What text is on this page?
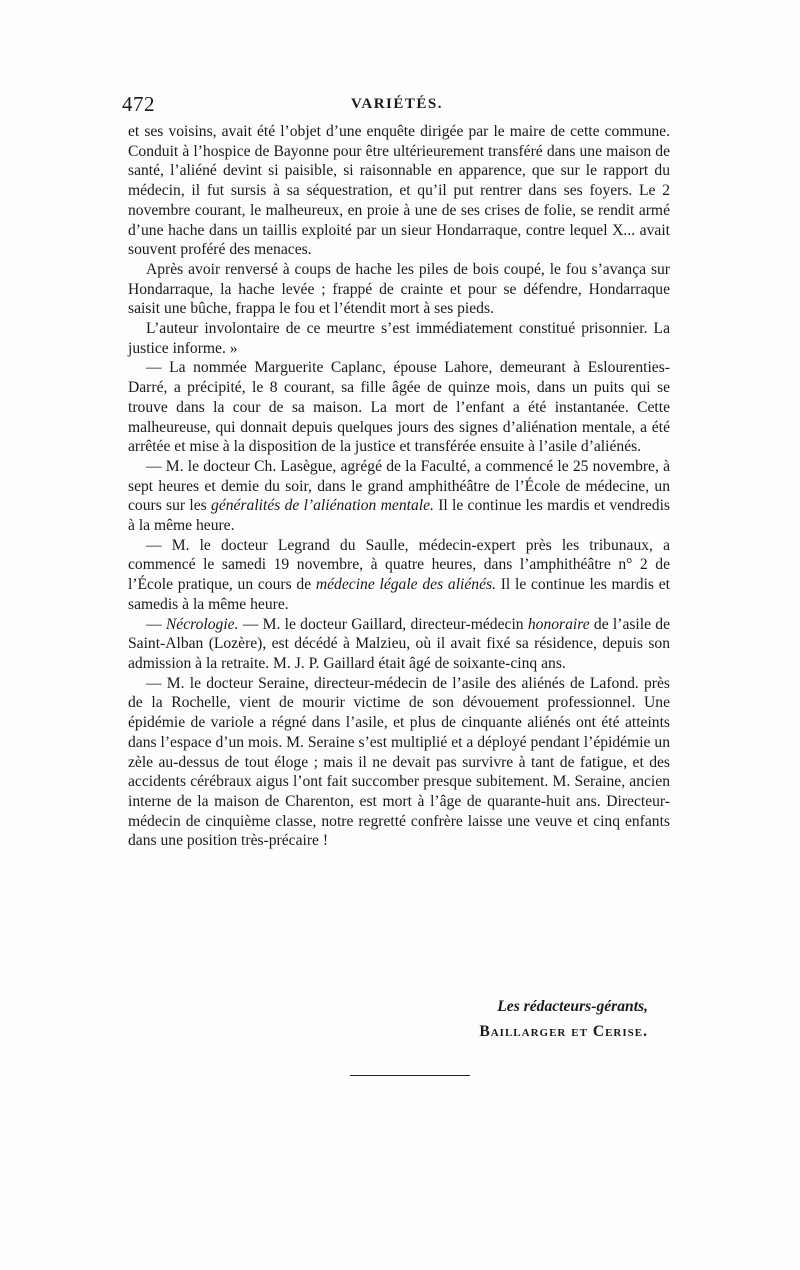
472	VARIÉTÉS.

et ses voisins, avait été l’objet d’une enquête dirigée par le maire de cette commune. Conduit à l’hospice de Bayonne pour être ultérieurement transféré dans une maison de santé, l’aliéné devint si paisible, si raisonnable en apparence, que sur le rapport du médecin, il fut sursis à sa séquestration, et qu’il put rentrer dans ses foyers. Le 2 novembre courant, le malheureux, en proie à une de ses crises de folie, se rendit armé d’une hache dans un taillis exploité par un sieur Hondarraque, contre lequel X... avait souvent proféré des menaces.

Après avoir renversé à coups de hache les piles de bois coupé, le fou s’avança sur Hondarraque, la hache levée ; frappé de crainte et pour se défendre, Hondarraque saisit une bûche, frappa le fou et l’étendit mort à ses pieds.

L’auteur involontaire de ce meurtre s’est immédiatement constitué prisonnier. La justice informe. »

— La nommée Marguerite Caplanc, épouse Lahore, demeurant à Eslourenties-Darré, a précipité, le 8 courant, sa fille âgée de quinze mois, dans un puits qui se trouve dans la cour de sa maison. La mort de l’enfant a été instantanée. Cette malheureuse, qui donnait depuis quelques jours des signes d’aliénation mentale, a été arrêtée et mise à la disposition de la justice et transférée ensuite à l’asile d’aliénés.

— M. le docteur Ch. Lasègue, agrégé de la Faculté, a commencé le 25 novembre, à sept heures et demie du soir, dans le grand amphithéâtre de l’École de médecine, un cours sur les généralités de l’aliénation mentale. Il le continue les mardis et vendredis à la même heure.

— M. le docteur Legrand du Saulle, médecin-expert près les tribunaux, a commencé le samedi 19 novembre, à quatre heures, dans l’amphithéâtre n° 2 de l’École pratique, un cours de médecine légale des aliénés. Il le continue les mardis et samedis à la même heure.

— Nécrologie. — M. le docteur Gaillard, directeur-médecin honoraire de l’asile de Saint-Alban (Lozère), est décédé à Malzieu, où il avait fixé sa résidence, depuis son admission à la retraite. M. J. P. Gaillard était âgé de soixante-cinq ans.

— M. le docteur Seraine, directeur-médecin de l’asile des aliénés de Lafond. près de la Rochelle, vient de mourir victime de son dévouement professionnel. Une épidémie de variole a régné dans l’asile, et plus de cinquante aliénés ont été atteints dans l’espace d’un mois. M. Seraine s’est multiplié et a déployé pendant l’épidémie un zèle au-dessus de tout éloge ; mais il ne devait pas survivre à tant de fatigue, et des accidents cérébraux aigus l’ont fait succomber presque subitement. M. Seraine, ancien interne de la maison de Charenton, est mort à l’âge de quarante-huit ans. Directeur-médecin de cinquième classe, notre regretté confrère laisse une veuve et cinq enfants dans une position très-précaire !

Les rédacteurs-gérants,
Baillarger et Cerise.
